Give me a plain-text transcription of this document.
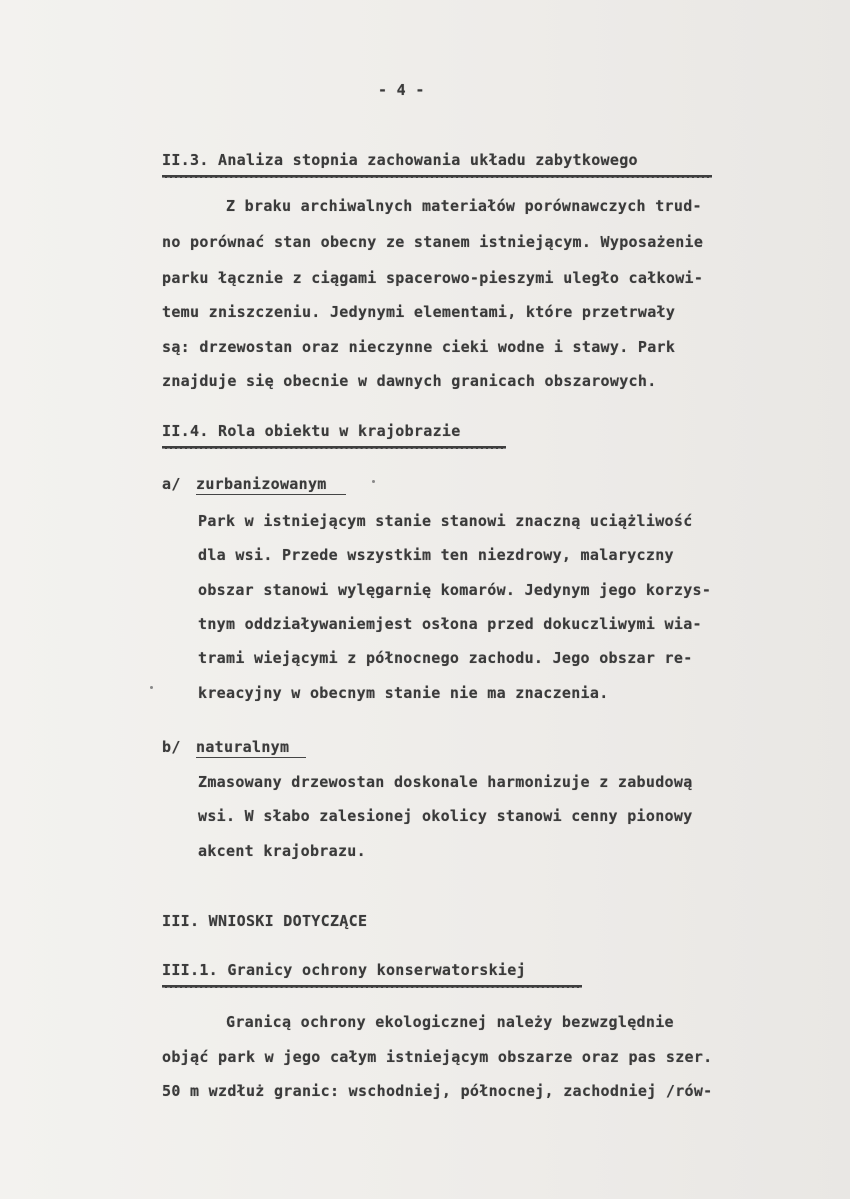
- 4 -
II.3. Analiza stopnia zachowania układu zabytkowego
Z braku archiwalnych materiałów porównawczych trud-
no porównać stan obecny ze stanem istniejącym. Wyposażenie
parku łącznie z ciągami spacerowo-pieszymi uległo całkowi-
temu zniszczeniu. Jedynymi elementami, które przetrwały
są: drzewostan oraz nieczynne cieki wodne i stawy. Park
znajduje się obecnie w dawnych granicach obszarowych.
II.4. Rola obiektu w krajobrazie
a/ zurbanizowanym
Park w istniejącym stanie stanowi znaczną uciążliwość
dla wsi. Przede wszystkim ten niezdrowy, malaryczny
obszar stanowi wylęgarnię komarów. Jedynym jego korzys-
tnym oddziaływaniemjest osłona przed dokuczliwymi wia-
trami wiejącymi z północnego zachodu. Jego obszar re-
kreacyjny w obecnym stanie nie ma znaczenia.
b/ naturalnym
Zmasowany drzewostan doskonale harmonizuje z zabudową
wsi. W słabo zalesionej okolicy stanowi cenny pionowy
akcent krajobrazu.
III. WNIOSKI DOTYCZĄCE
III.1. Granicy ochrony konserwatorskiej
Granicą ochrony ekologicznej należy bezwzględnie
objąć park w jego całym istniejącym obszarze oraz pas szer.
50 m wzdłuż granic: wschodniej, północnej, zachodniej /rów-
